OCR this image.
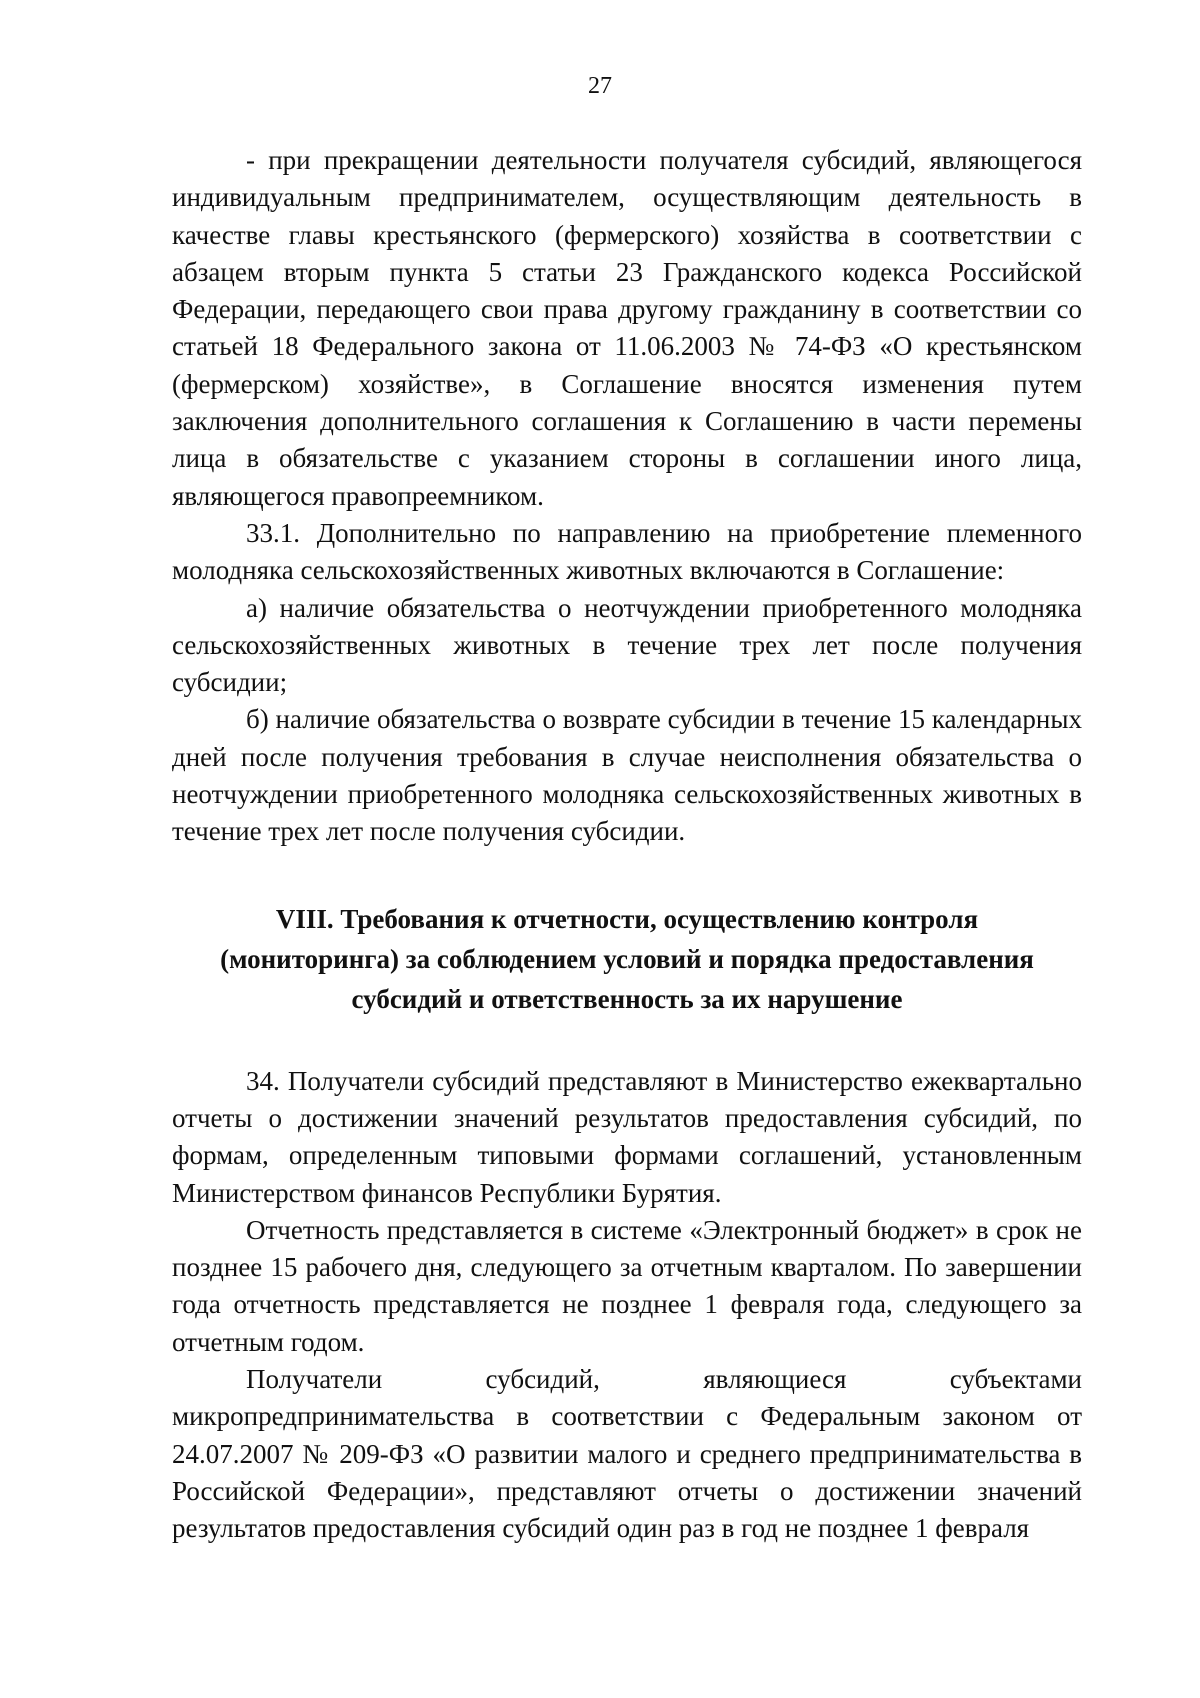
27

- при прекращении деятельности получателя субсидий, являющегося индивидуальным предпринимателем, осуществляющим деятельность в качестве главы крестьянского (фермерского) хозяйства в соответствии с абзацем вторым пункта 5 статьи 23 Гражданского кодекса Российской Федерации, передающего свои права другому гражданину в соответствии со статьей 18 Федерального закона от 11.06.2003 № 74-ФЗ «О крестьянском (фермерском) хозяйстве», в Соглашение вносятся изменения путем заключения дополнительного соглашения к Соглашению в части перемены лица в обязательстве с указанием стороны в соглашении иного лица, являющегося правопреемником.

33.1. Дополнительно по направлению на приобретение племенного молодняка сельскохозяйственных животных включаются в Соглашение:

а) наличие обязательства о неотчуждении приобретенного молодняка сельскохозяйственных животных в течение трех лет после получения субсидии;

б) наличие обязательства о возврате субсидии в течение 15 календарных дней после получения требования в случае неисполнения обязательства о неотчуждении приобретенного молодняка сельскохозяйственных животных в течение трех лет после получения субсидии.

VIII. Требования к отчетности, осуществлению контроля
(мониторинга) за соблюдением условий и порядка предоставления
субсидий и ответственность за их нарушение

34. Получатели субсидий представляют в Министерство ежеквартально отчеты о достижении значений результатов предоставления субсидий, по формам, определенным типовыми формами соглашений, установленным Министерством финансов Республики Бурятия.

Отчетность представляется в системе «Электронный бюджет» в срок не позднее 15 рабочего дня, следующего за отчетным кварталом. По завершении года отчетность представляется не позднее 1 февраля года, следующего за отчетным годом.

Получатели субсидий, являющиеся субъектами микропредпринимательства в соответствии с Федеральным законом от 24.07.2007 № 209-ФЗ «О развитии малого и среднего предпринимательства в Российской Федерации», представляют отчеты о достижении значений результатов предоставления субсидий один раз в год не позднее 1 февраля
